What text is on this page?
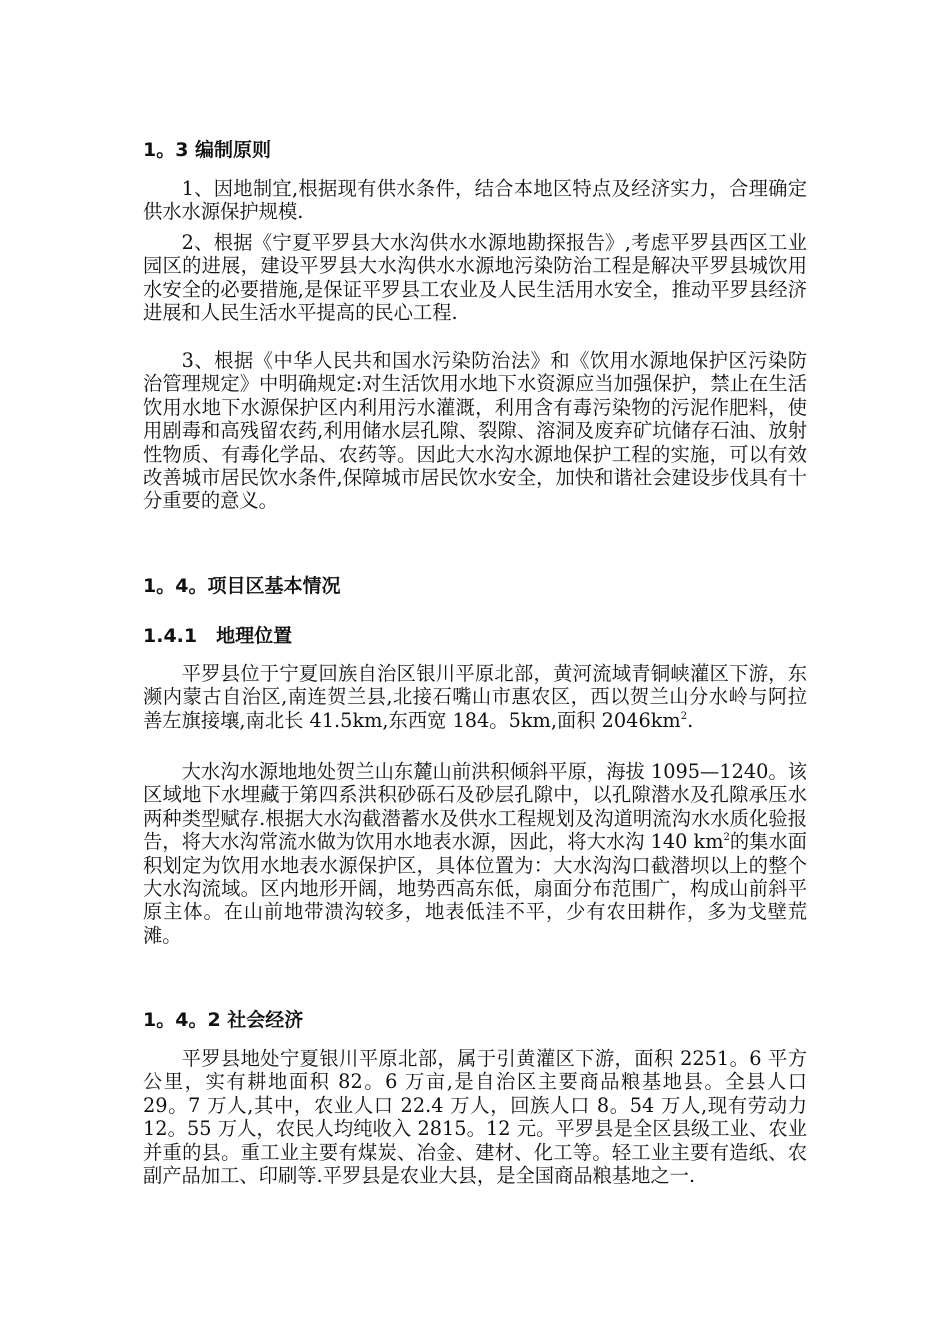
1。3 编制原则

1、因地制宜,根据现有供水条件，结合本地区特点及经济实力，合理确定供水水源保护规模.

2、根据《宁夏平罗县大水沟供水水源地勘探报告》,考虑平罗县西区工业园区的进展，建设平罗县大水沟供水水源地污染防治工程是解决平罗县城饮用水安全的必要措施,是保证平罗县工农业及人民生活用水安全，推动平罗县经济进展和人民生活水平提高的民心工程.

3、根据《中华人民共和国水污染防治法》和《饮用水源地保护区污染防治管理规定》中明确规定:对生活饮用水地下水资源应当加强保护，禁止在生活饮用水地下水源保护区内利用污水灌溉，利用含有毒污染物的污泥作肥料，使用剧毒和高残留农药,利用储水层孔隙、裂隙、溶洞及废弃矿坑储存石油、放射性物质、有毒化学品、农药等。因此大水沟水源地保护工程的实施，可以有效改善城市居民饮水条件,保障城市居民饮水安全，加快和谐社会建设步伐具有十分重要的意义。

1。4。项目区基本情况
1.4.1　地理位置

平罗县位于宁夏回族自治区银川平原北部，黄河流域青铜峡灌区下游，东濒内蒙古自治区,南连贺兰县,北接石嘴山市惠农区，西以贺兰山分水岭与阿拉善左旗接壤,南北长 41.5km,东西宽 184。5km,面积 $2046km^2$.

大水沟水源地地处贺兰山东麓山前洪积倾斜平原，海拔 1095—1240。该区域地下水埋藏于第四系洪积砂砾石及砂层孔隙中，以孔隙潜水及孔隙承压水两种类型赋存.根据大水沟截潜蓄水及供水工程规划及沟道明流沟水水质化验报告，将大水沟常流水做为饮用水地表水源，因此，将大水沟 140 $km^2$的集水面积划定为饮用水地表水源保护区，具体位置为：大水沟沟口截潜坝以上的整个大水沟流域。区内地形开阔，地势西高东低，扇面分布范围广，构成山前斜平原主体。在山前地带溃沟较多，地表低洼不平，少有农田耕作，多为戈壁荒滩。

1。4。2 社会经济

平罗县地处宁夏银川平原北部，属于引黄灌区下游，面积 2251。6 平方公里，实有耕地面积 82。6 万亩,是自治区主要商品粮基地县。全县人口 29。7 万人,其中，农业人口 22.4 万人，回族人口 8。54 万人,现有劳动力 12。55 万人，农民人均纯收入 2815。12 元。平罗县是全区县级工业、农业并重的县。重工业主要有煤炭、冶金、建材、化工等。轻工业主要有造纸、农副产品加工、印刷等.平罗县是农业大县，是全国商品粮基地之一.
